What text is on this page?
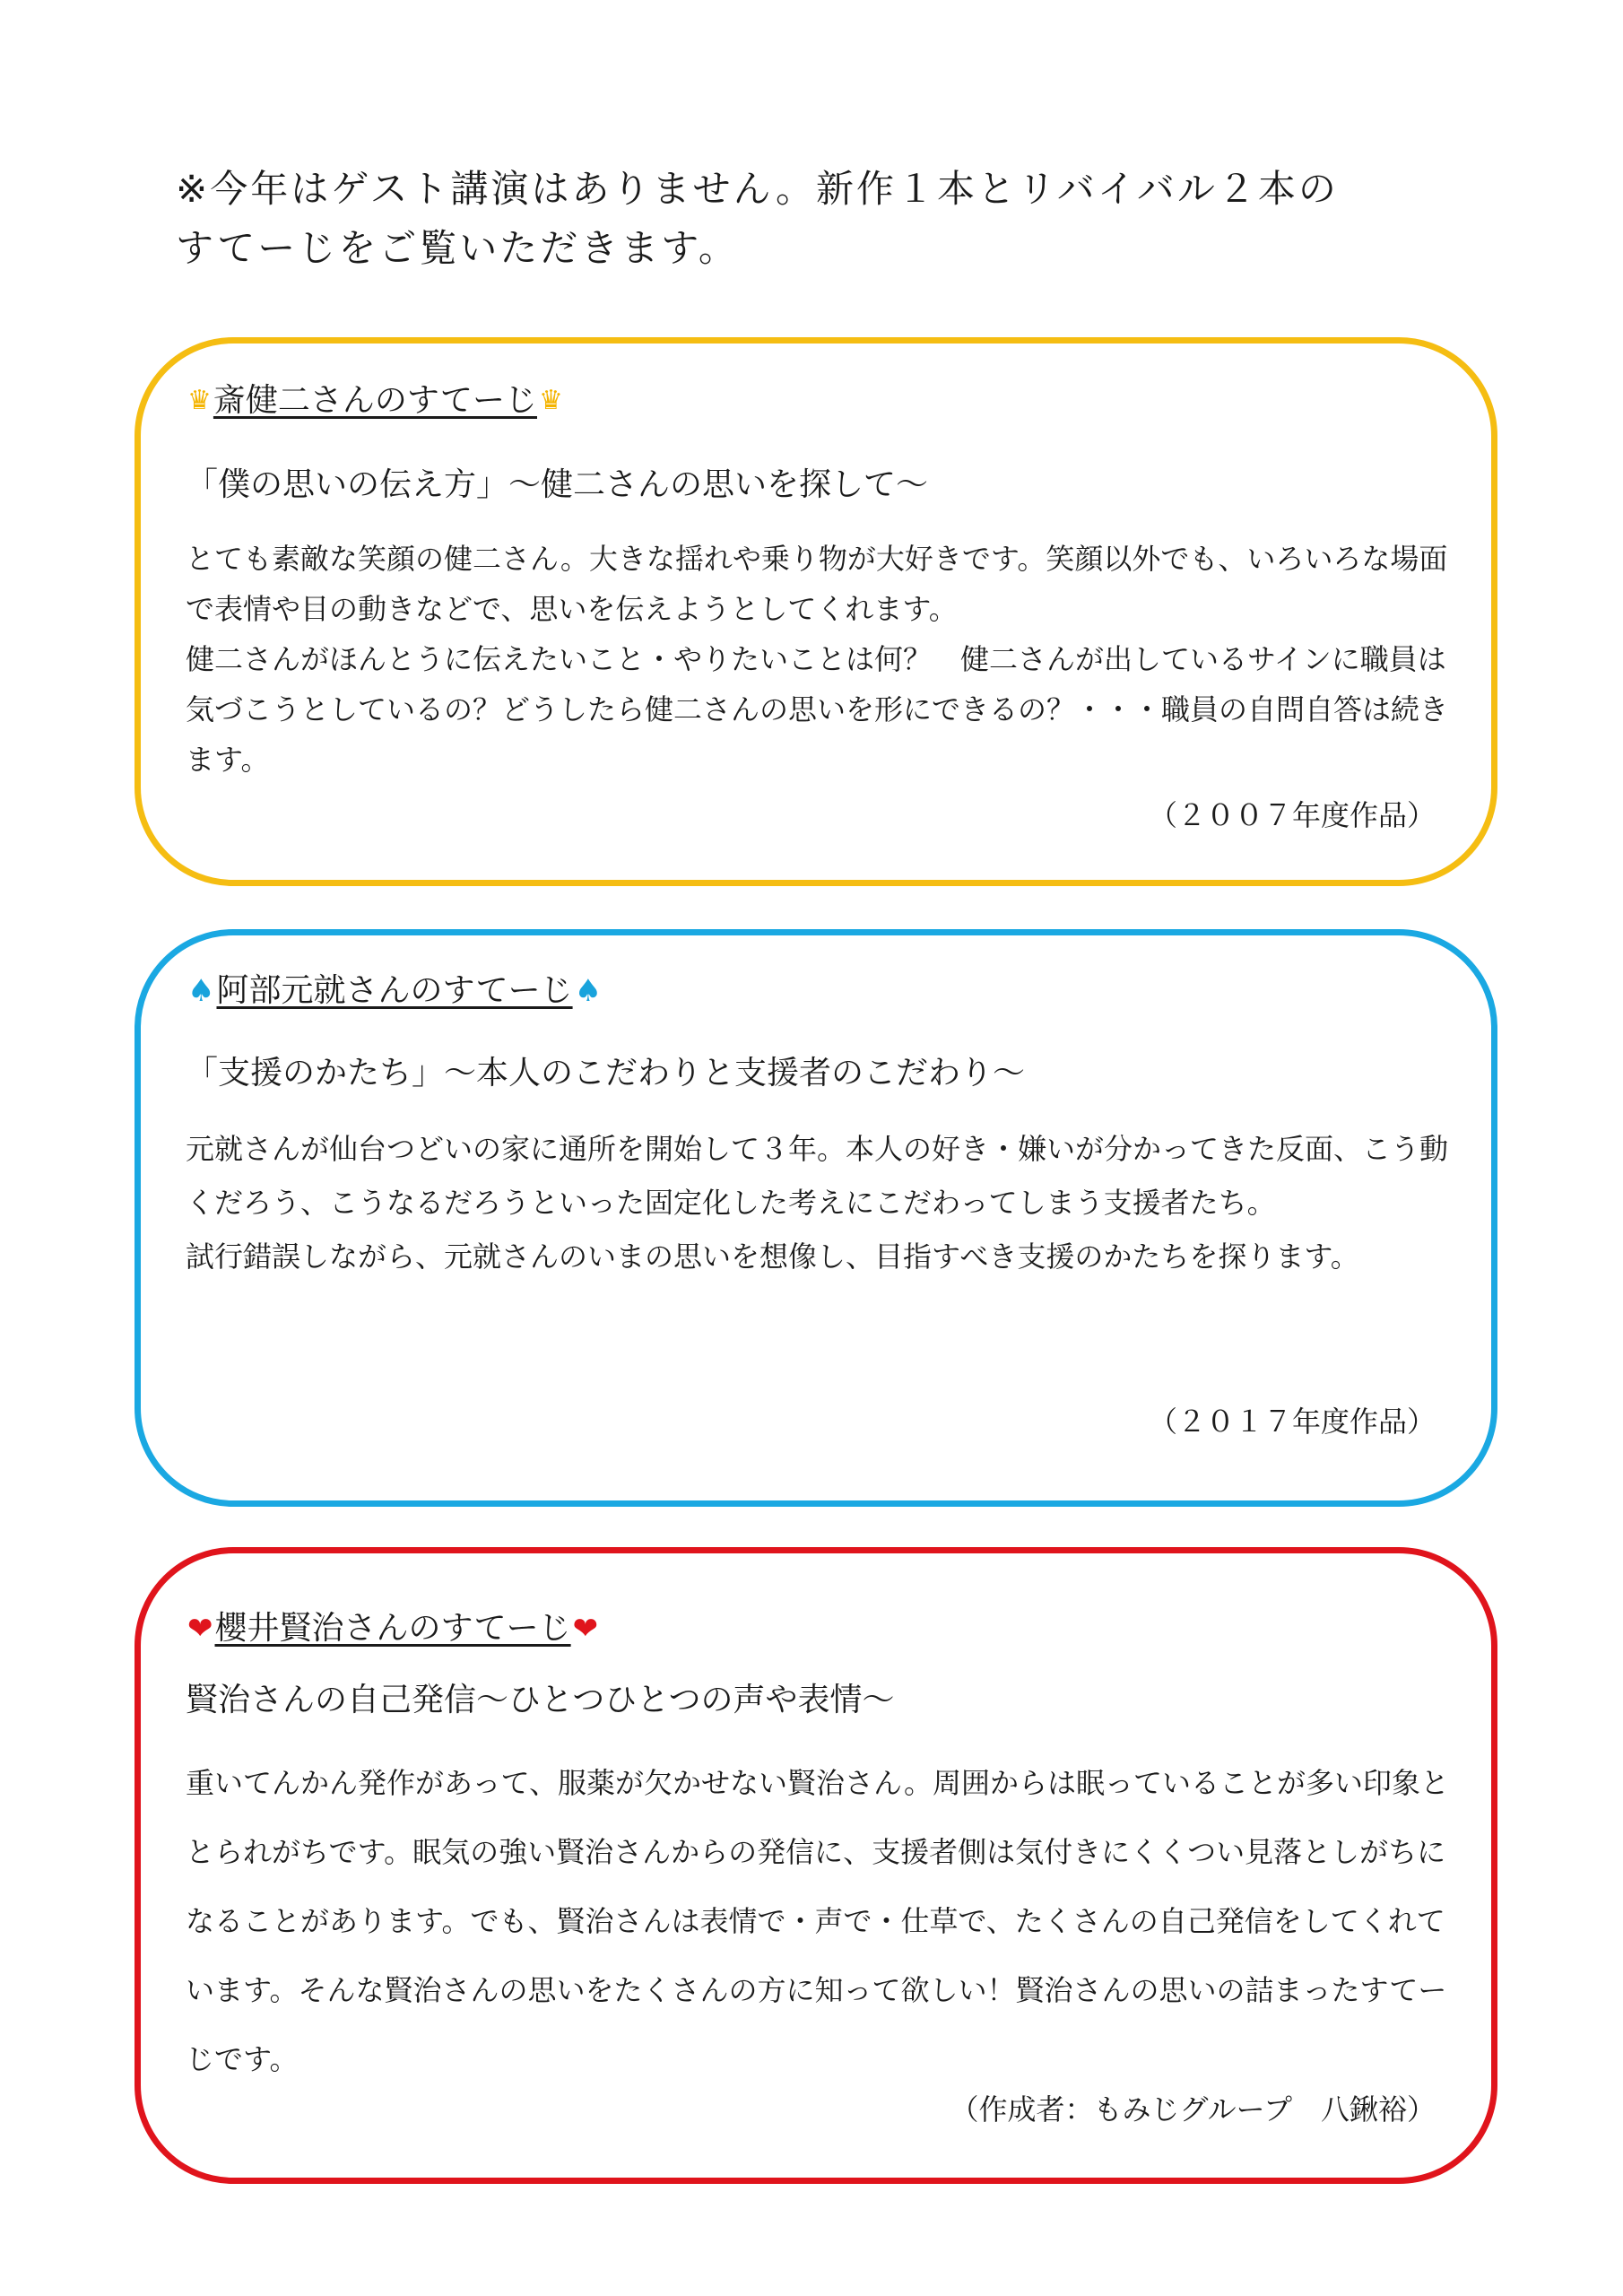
※今年はゲスト講演はありません。新作１本とリバイバル２本の

すてーじをご覧いただきます。

♛ 斎健二さんのすてーじ ♛
「僕の思いの伝え方」～健二さんの思いを探して～

とても素敵な笑顔の健二さん。大きな揺れや乗り物が大好きです。笑顔以外でも、いろいろな場面で表情や目の動きなどで、思いを伝えようとしてくれます。

健二さんがほんとうに伝えたいこと・やりたいことは何？　健二さんが出しているサインに職員は気づこうとしているの？どうしたら健二さんの思いを形にできるの？・・・職員の自問自答は続きます。

（２００７年度作品）
♠ 阿部元就さんのすてーじ ♠
「支援のかたち」～本人のこだわりと支援者のこだわり～

元就さんが仙台つどいの家に通所を開始して３年。本人の好き・嫌いが分かってきた反面、こう動くだろう、こうなるだろうといった固定化した考えにこだわってしまう支援者たち。

試行錯誤しながら、元就さんのいまの思いを想像し、目指すべき支援のかたちを探ります。

（２０１７年度作品）
❤ 櫻井賢治さんのすてーじ ❤
賢治さんの自己発信～ひとつひとつの声や表情～

重いてんかん発作があって、服薬が欠かせない賢治さん。周囲からは眠っていることが多い印象ととられがちです。眠気の強い賢治さんからの発信に、支援者側は気付きにくくつい見落としがちになることがあります。でも、賢治さんは表情で・声で・仕草で、たくさんの自己発信をしてくれています。そんな賢治さんの思いをたくさんの方に知って欲しい！賢治さんの思いの詰まったすてーじです。

（作成者：もみじグループ　八鍬裕）
